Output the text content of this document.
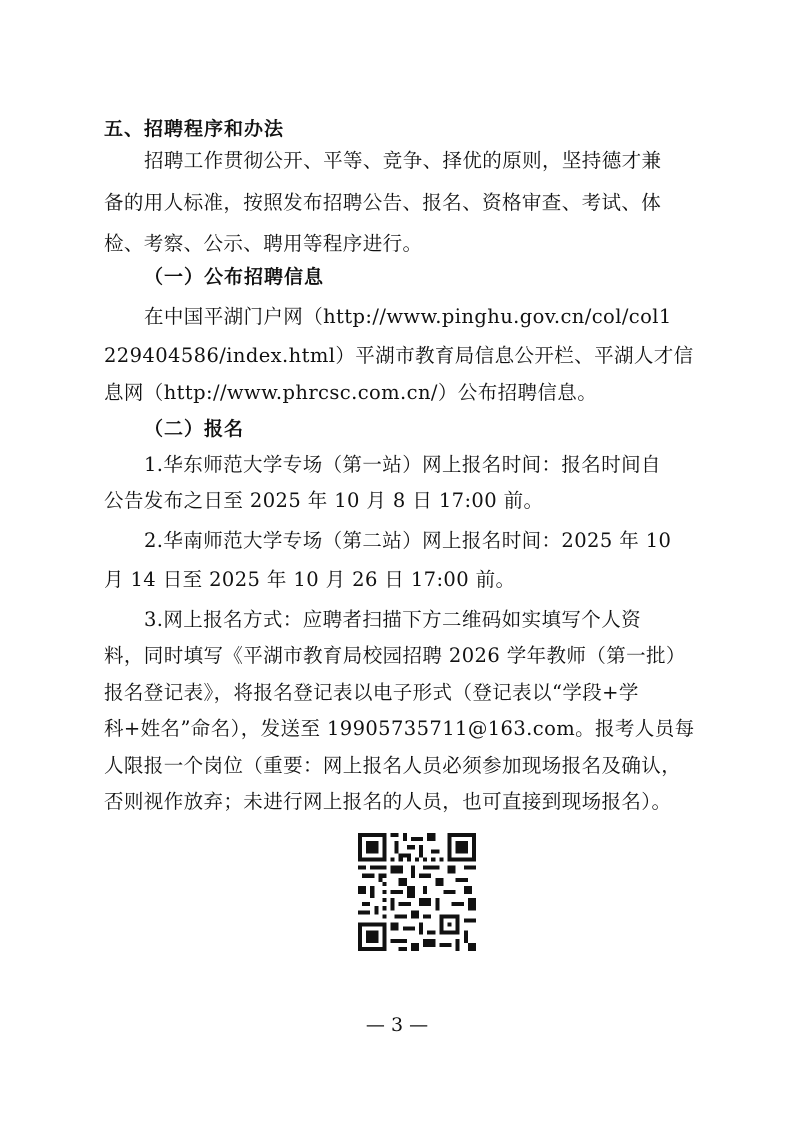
五、招聘程序和办法
招聘工作贯彻公开、平等、竞争、择优的原则，坚持德才兼
备的用人标准，按照发布招聘公告、报名、资格审查、考试、体
检、考察、公示、聘用等程序进行。
（一）公布招聘信息
在中国平湖门户网（http://www.pinghu.gov.cn/col/col1
229404586/index.html）平湖市教育局信息公开栏、平湖人才信
息网（http://www.phrcsc.com.cn/）公布招聘信息。
（二）报名
1.华东师范大学专场（第一站）网上报名时间：报名时间自
公告发布之日至 2025 年 10 月 8 日 17:00 前。
2.华南师范大学专场（第二站）网上报名时间：2025 年 10
月 14 日至 2025 年 10 月 26 日 17:00 前。
3.网上报名方式：应聘者扫描下方二维码如实填写个人资
料，同时填写《平湖市教育局校园招聘 2026 学年教师（第一批）
报名登记表》，将报名登记表以电子形式（登记表以“学段+学
科+姓名”命名），发送至 19905735711@163.com。报考人员每
人限报一个岗位（重要：网上报名人员必须参加现场报名及确认，
否则视作放弃；未进行网上报名的人员，也可直接到现场报名）。
— 3 —
